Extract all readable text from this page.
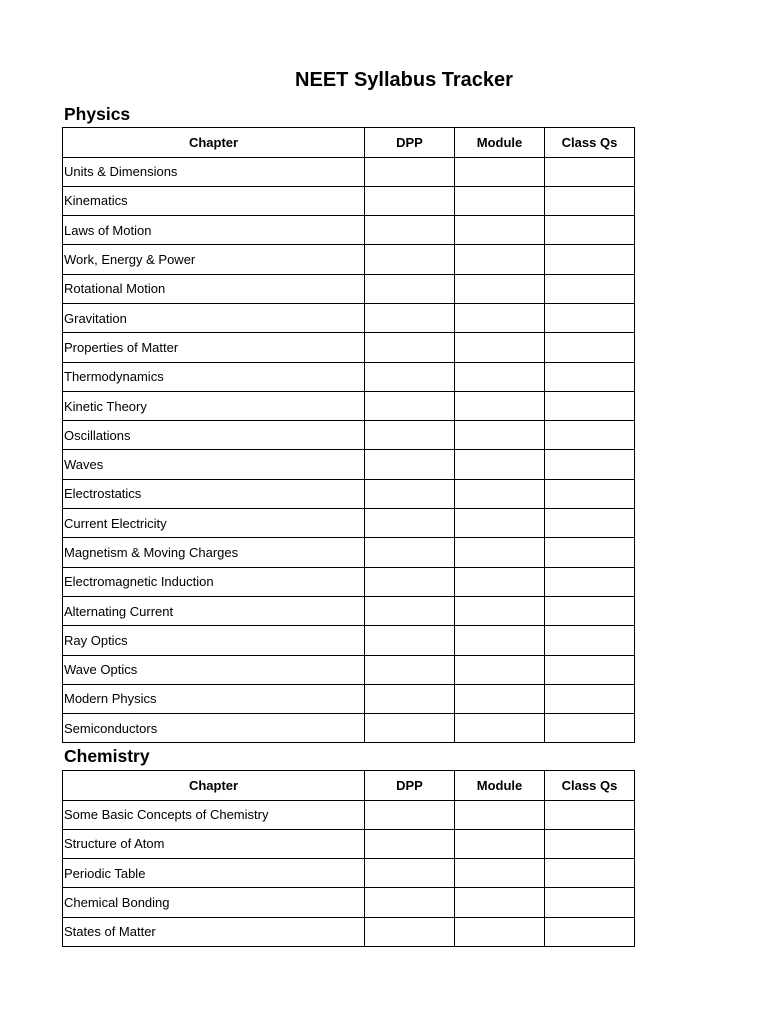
NEET Syllabus Tracker
Physics
Chapter	DPP	Module	Class Qs
Units & Dimensions			
Kinematics			
Laws of Motion			
Work, Energy & Power			
Rotational Motion			
Gravitation			
Properties of Matter			
Thermodynamics			
Kinetic Theory			
Oscillations			
Waves			
Electrostatics			
Current Electricity			
Magnetism & Moving Charges			
Electromagnetic Induction			
Alternating Current			
Ray Optics			
Wave Optics			
Modern Physics			
Semiconductors			
Chemistry
Chapter	DPP	Module	Class Qs
Some Basic Concepts of Chemistry			
Structure of Atom			
Periodic Table			
Chemical Bonding			
States of Matter			
